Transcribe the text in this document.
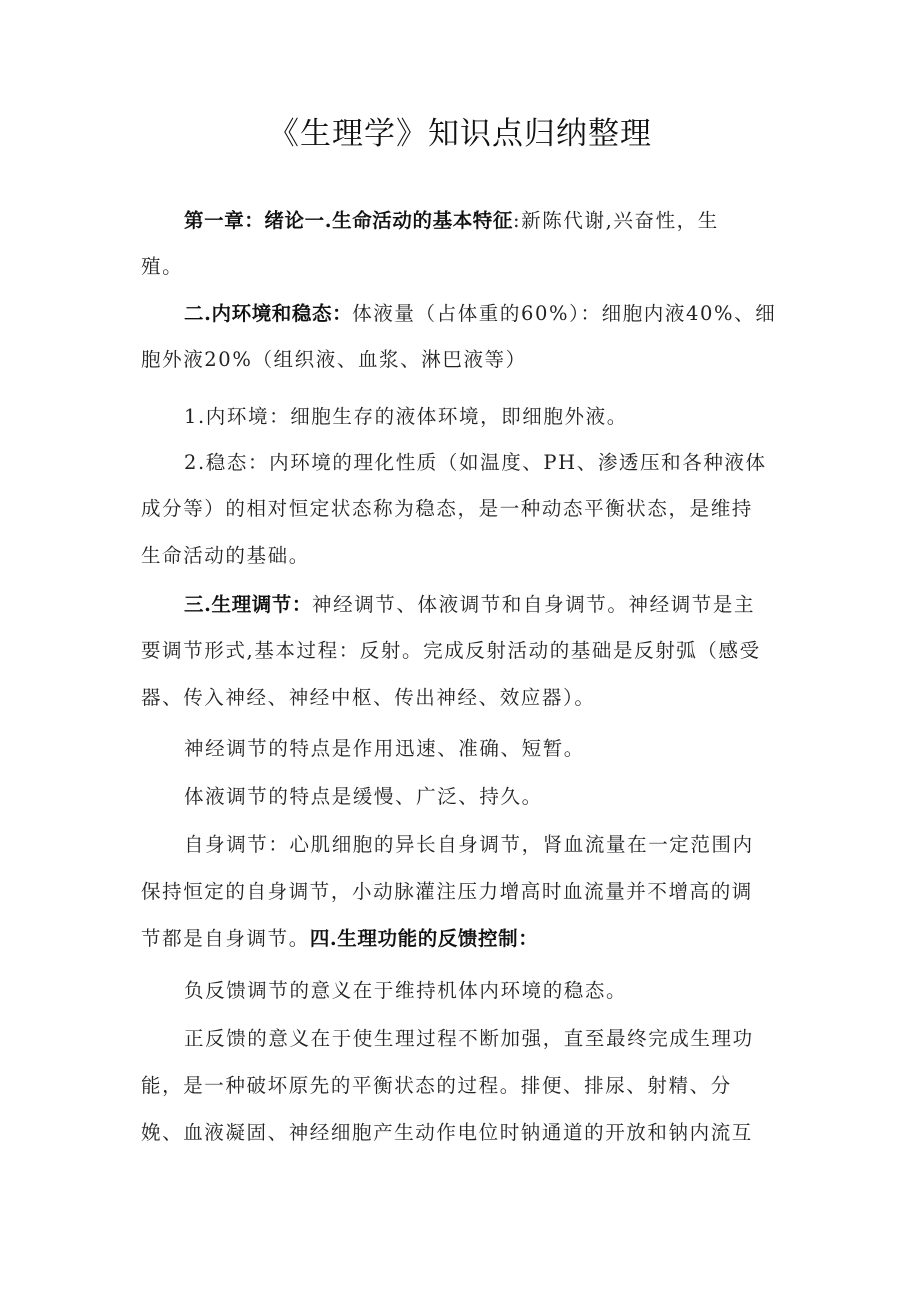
《生理学》知识点归纳整理
第一章：绪论一.生命活动的基本特征:新陈代谢,兴奋性，生
殖。
二.内环境和稳态：体液量（占体重的60%）：细胞内液40%、细
胞外液20%（组织液、血浆、淋巴液等）
1.内环境：细胞生存的液体环境，即细胞外液。
2.稳态：内环境的理化性质（如温度、PH、渗透压和各种液体
成分等）的相对恒定状态称为稳态，是一种动态平衡状态，是维持
生命活动的基础。
三.生理调节：神经调节、体液调节和自身调节。神经调节是主
要调节形式,基本过程：反射。完成反射活动的基础是反射弧（感受
器、传入神经、神经中枢、传出神经、效应器）。
神经调节的特点是作用迅速、准确、短暂。
体液调节的特点是缓慢、广泛、持久。
自身调节：心肌细胞的异长自身调节，肾血流量在一定范围内
保持恒定的自身调节，小动脉灌注压力增高时血流量并不增高的调
节都是自身调节。四.生理功能的反馈控制：
负反馈调节的意义在于维持机体内环境的稳态。
正反馈的意义在于使生理过程不断加强，直至最终完成生理功
能，是一种破坏原先的平衡状态的过程。排便、排尿、射精、分
娩、血液凝固、神经细胞产生动作电位时钠通道的开放和钠内流互
